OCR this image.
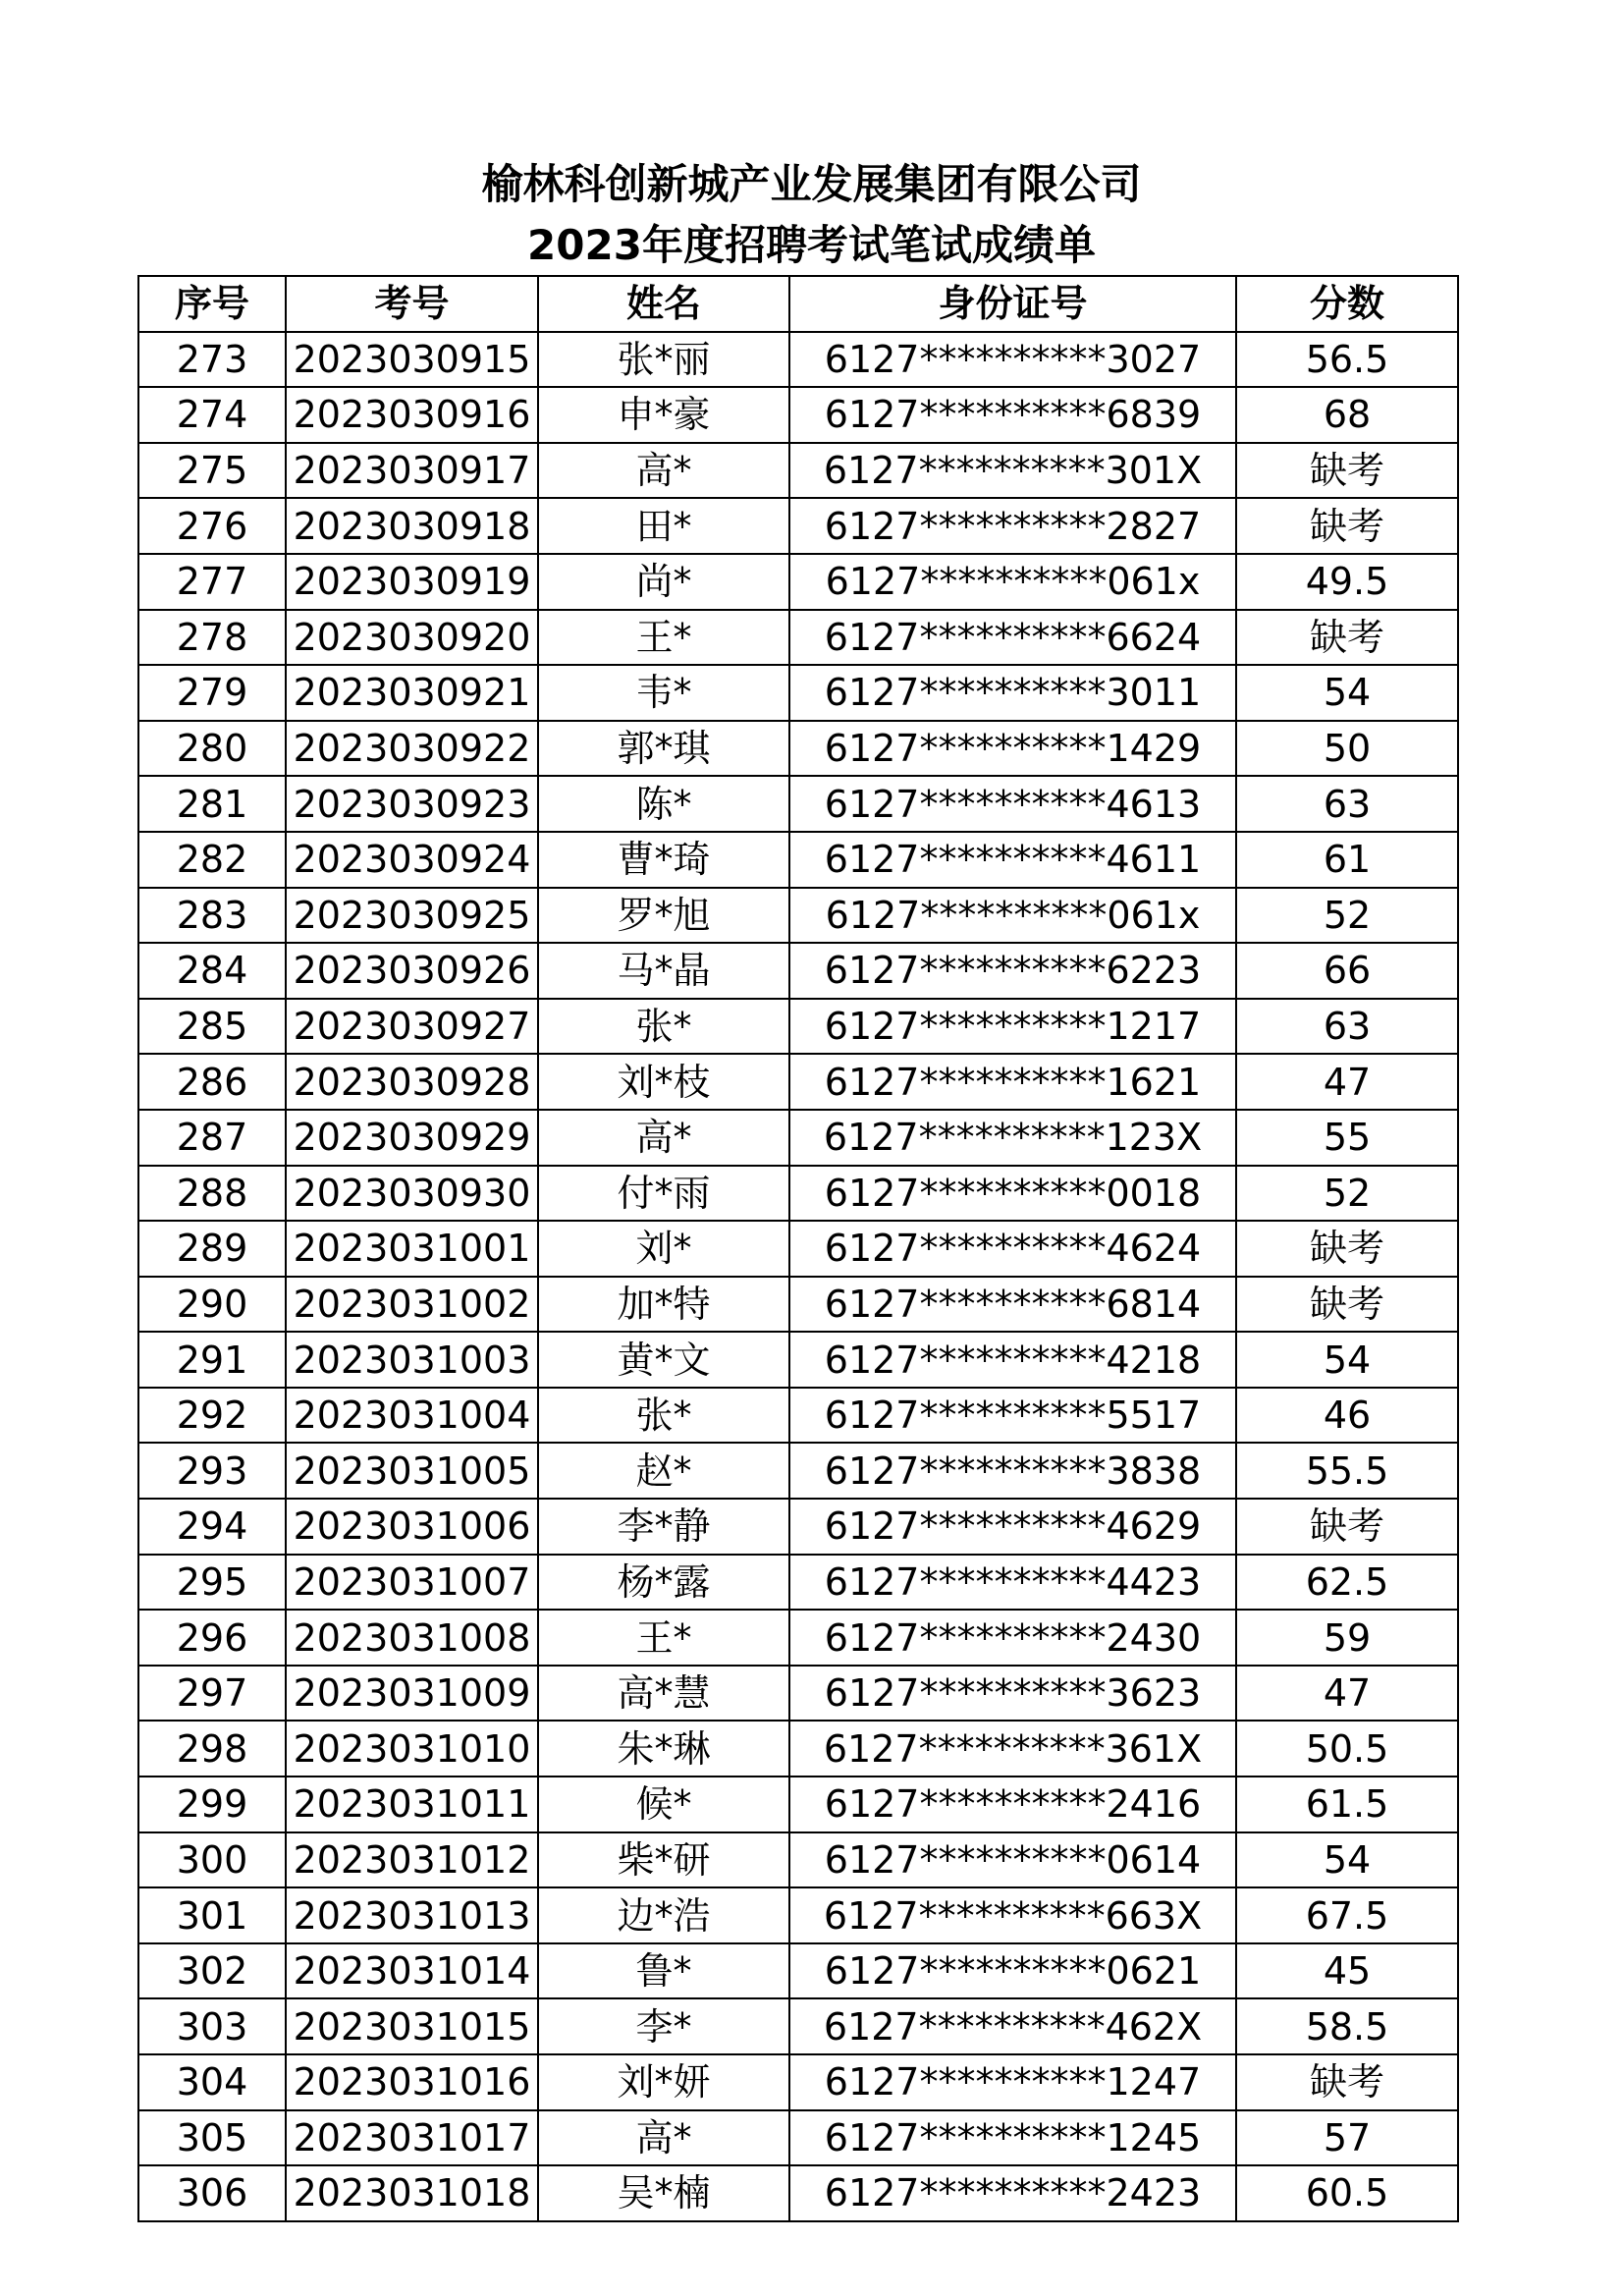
榆林科创新城产业发展集团有限公司
2023年度招聘考试笔试成绩单
序号	考号	姓名	身份证号	分数
273	2023030915	张*丽	6127**********3027	56.5
274	2023030916	申*豪	6127**********6839	68
275	2023030917	高*	6127**********301X	缺考
276	2023030918	田*	6127**********2827	缺考
277	2023030919	尚*	6127**********061x	49.5
278	2023030920	王*	6127**********6624	缺考
279	2023030921	韦*	6127**********3011	54
280	2023030922	郭*琪	6127**********1429	50
281	2023030923	陈*	6127**********4613	63
282	2023030924	曹*琦	6127**********4611	61
283	2023030925	罗*旭	6127**********061x	52
284	2023030926	马*晶	6127**********6223	66
285	2023030927	张*	6127**********1217	63
286	2023030928	刘*枝	6127**********1621	47
287	2023030929	高*	6127**********123X	55
288	2023030930	付*雨	6127**********0018	52
289	2023031001	刘*	6127**********4624	缺考
290	2023031002	加*特	6127**********6814	缺考
291	2023031003	黄*文	6127**********4218	54
292	2023031004	张*	6127**********5517	46
293	2023031005	赵*	6127**********3838	55.5
294	2023031006	李*静	6127**********4629	缺考
295	2023031007	杨*露	6127**********4423	62.5
296	2023031008	王*	6127**********2430	59
297	2023031009	高*慧	6127**********3623	47
298	2023031010	朱*琳	6127**********361X	50.5
299	2023031011	候*	6127**********2416	61.5
300	2023031012	柴*研	6127**********0614	54
301	2023031013	边*浩	6127**********663X	67.5
302	2023031014	鲁*	6127**********0621	45
303	2023031015	李*	6127**********462X	58.5
304	2023031016	刘*妍	6127**********1247	缺考
305	2023031017	高*	6127**********1245	57
306	2023031018	吴*楠	6127**********2423	60.5
